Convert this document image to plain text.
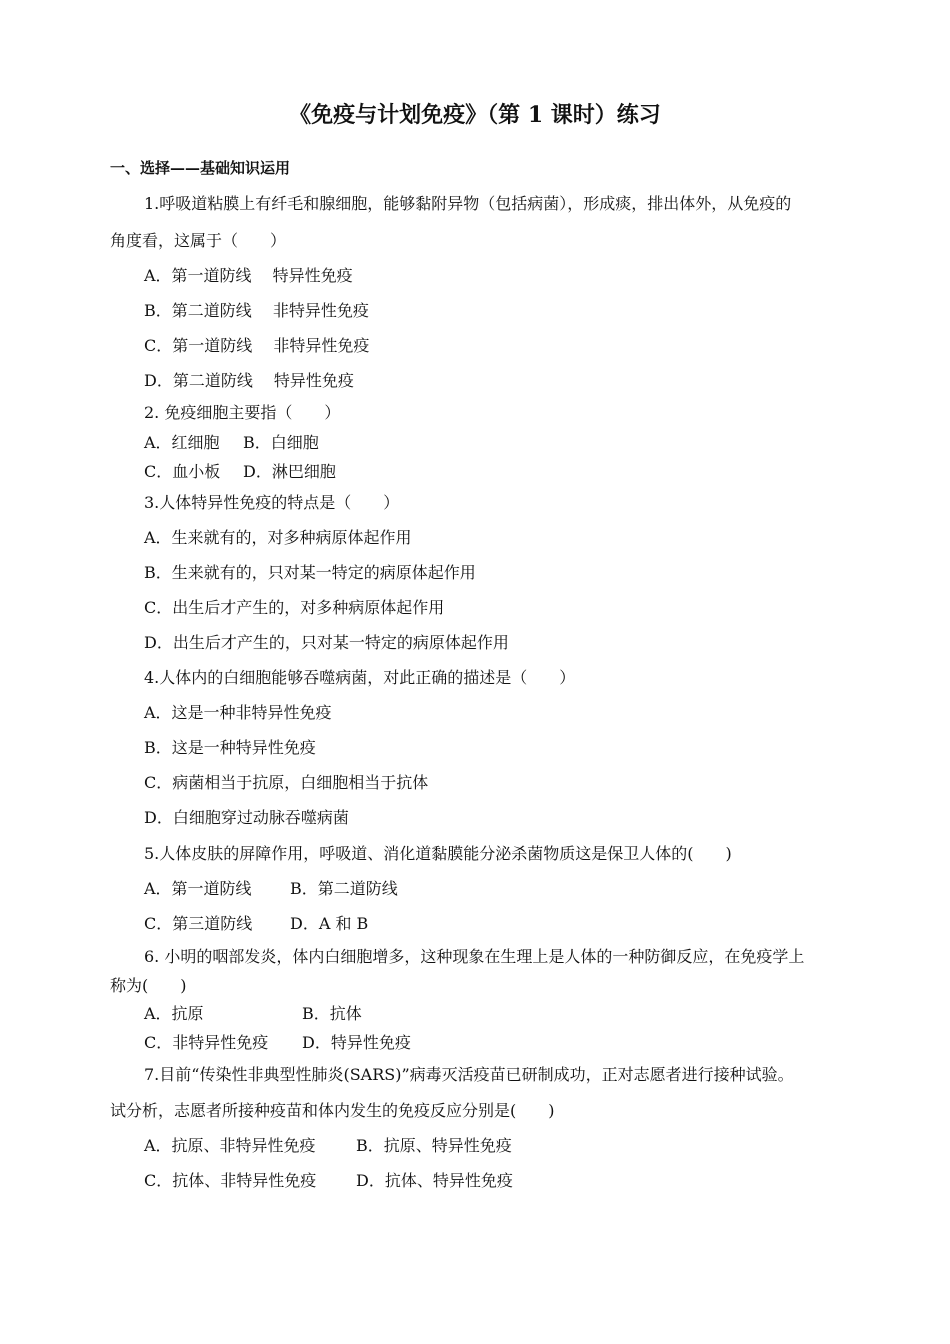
《免疫与计划免疫》（第 1 课时）练习
一、选择——基础知识运用
1.呼吸道粘膜上有纤毛和腺细胞，能够黏附异物（包括病菌），形成痰，排出体外，从免疫的
角度看，这属于（　　）
A．第一道防线　 特异性免疫
B．第二道防线　 非特异性免疫
C．第一道防线　 非特异性免疫
D．第二道防线　 特异性免疫
2. 免疫细胞主要指（　　）
A．红细胞 B．白细胞
C．血小板 D．淋巴细胞
3.人体特异性免疫的特点是（　　）
A．生来就有的，对多种病原体起作用
B．生来就有的，只对某一特定的病原体起作用
C．出生后才产生的，对多种病原体起作用
D．出生后才产生的，只对某一特定的病原体起作用
4.人体内的白细胞能够吞噬病菌，对此正确的描述是（　　）
A．这是一种非特异性免疫
B．这是一种特异性免疫
C．病菌相当于抗原，白细胞相当于抗体
D．白细胞穿过动脉吞噬病菌
5.人体皮肤的屏障作用，呼吸道、消化道黏膜能分泌杀菌物质这是保卫人体的(　　)
A．第一道防线 B．第二道防线
C．第三道防线 D．A 和 B
6. 小明的咽部发炎，体内白细胞增多，这种现象在生理上是人体的一种防御反应，在免疫学上
称为(　　)
A．抗原	B．抗体
C．非特异性免疫 D．特异性免疫
7.目前“传染性非典型性肺炎(SARS)”病毒灭活疫苗已研制成功，正对志愿者进行接种试验。
试分析，志愿者所接种疫苗和体内发生的免疫反应分别是(　　)
A．抗原、非特异性免疫	B．抗原、特异性免疫
C．抗体、非特异性免疫 D．抗体、特异性免疫
